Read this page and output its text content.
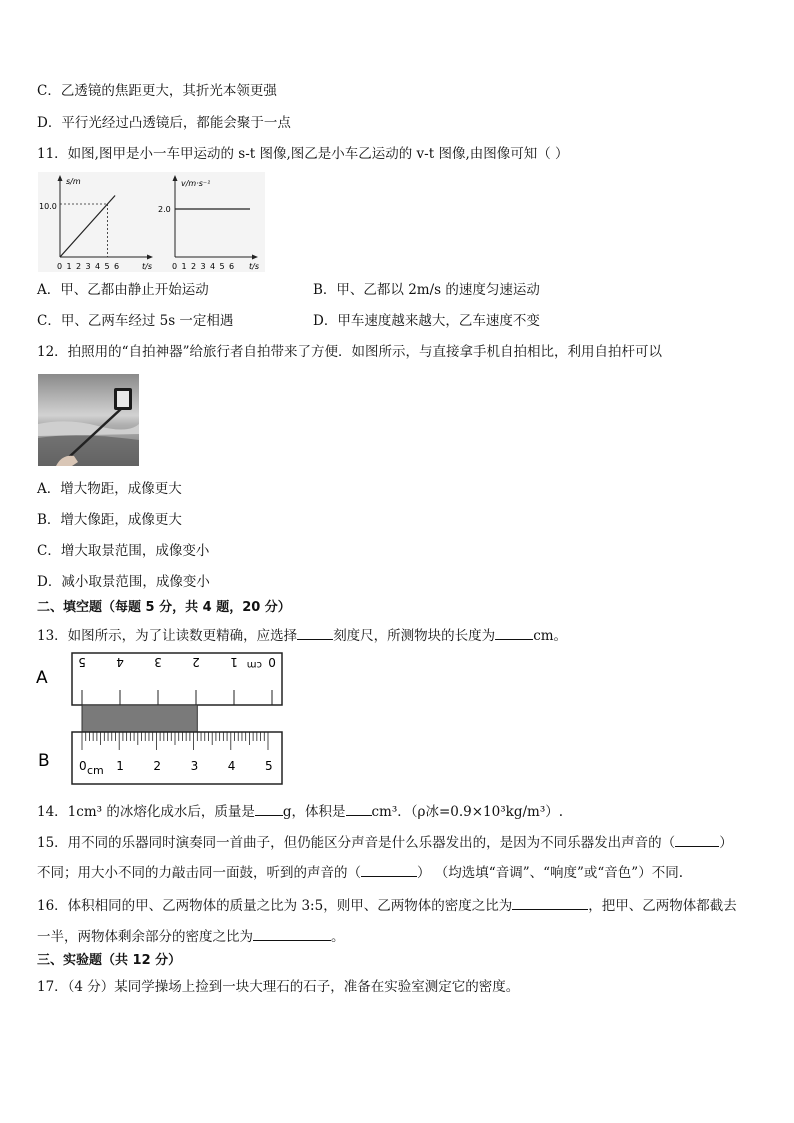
C．乙透镜的焦距更大，其折光本领更强
D．平行光经过凸透镜后，都能会聚于一点
11．如图,图甲是小一车甲运动的 s-t 图像,图乙是小车乙运动的 v-t 图像,由图像可知（ ）
s/m
10.0
t/s
0 1 2 3 4 5 6
v/m·s⁻¹
2.0
t/s
0 1 2 3 4 5 6
A．甲、乙都由静止开始运动	B．甲、乙都以 2m/s 的速度匀速运动
C．甲、乙两车经过 5s 一定相遇	D．甲车速度越来越大，乙车速度不变
12．拍照用的“自拍神器”给旅行者自拍带来了方便．如图所示，与直接拿手机自拍相比，利用自拍杆可以
A．增大物距，成像更大
B．增大像距，成像更大
C．增大取景范围，成像变小
D．减小取景范围，成像变小
二、填空题（每题 5 分，共 4 题，20 分）
13．如图所示，为了让读数更精确，应选择	刻度尺，所测物块的长度为	cm。
A
B
0
1
2
3
4
5	cm
0 1 2 3 4 5
cm
14．1cm³ 的冰熔化成水后，质量是 g，体积是 cm³．（ρ冰=0.9×10³kg/m³）.
15．用不同的乐器同时演奏同一首曲子，但仍能区分声音是什么乐器发出的，是因为不同乐器发出声音的（	）
不同；用大小不同的力敲击同一面鼓，听到的声音的（	） （均选填“音调”、“响度”或“音色”）不同.
16．体积相同的甲、乙两物体的质量之比为 3:5，则甲、乙两物体的密度之比为	，把甲、乙两物体都截去
一半，两物体剩余部分的密度之比为	。
三、实验题（共 12 分）
17．（4 分）某同学操场上捡到一块大理石的石子，准备在实验室测定它的密度。
